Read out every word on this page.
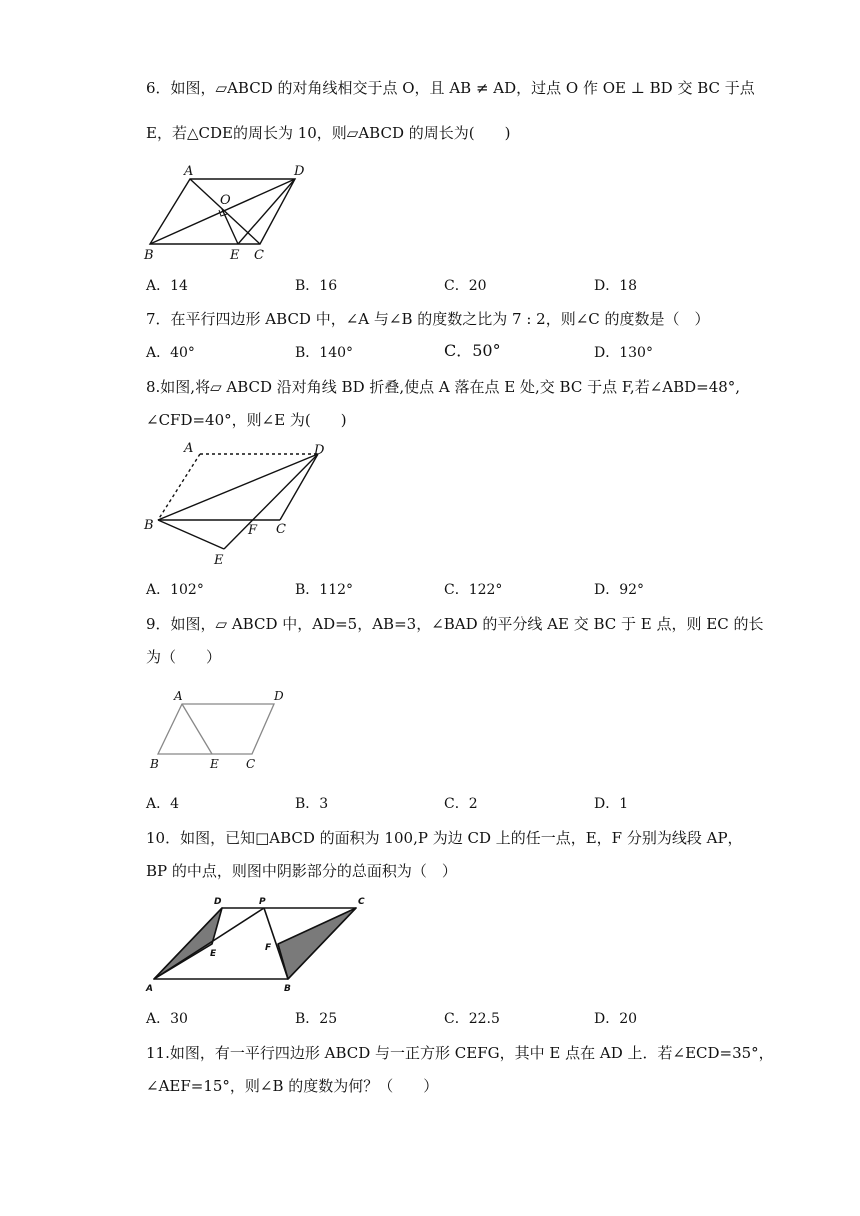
6．如图，▱ABCD 的对角线相交于点 O，且 AB ≠ AD，过点 O 作 OE ⊥ BD 交 BC 于点
E，若△CDE的周长为 10，则▱ABCD 的周长为(　　)
A	D
O
B	E C
A．14	B．16	C．20	D．18
7．在平行四边形 ABCD 中，∠A 与∠B 的度数之比为 7 : 2，则∠C 的度数是（　）
A．40°	B．140°	C．50°	D．130°
8.如图,将▱ ABCD 沿对角线 BD 折叠,使点 A 落在点 E 处,交 BC 于点 F,若∠ABD=48°,
∠CFD=40°，则∠E 为(　　)
A	D
B	F C
E
A．102°	B．112°	C．122°	D．92°
9．如图，▱ ABCD 中，AD=5，AB=3，∠BAD 的平分线 AE 交 BC 于 E 点，则 EC 的长
为（　　）
A	D
B	E C
A．4	B．3	C．2	D．1
10．如图，已知□ABCD 的面积为 100,P 为边 CD 上的任一点，E，F 分别为线段 AP，
BP 的中点，则图中阴影部分的总面积为（　）
D	P	C
E
F
A	B
A．30	B．25	C．22.5	D．20
11.如图，有一平行四边形 ABCD 与一正方形 CEFG，其中 E 点在 AD 上．若∠ECD=35°，
∠AEF=15°，则∠B 的度数为何？（　　）
